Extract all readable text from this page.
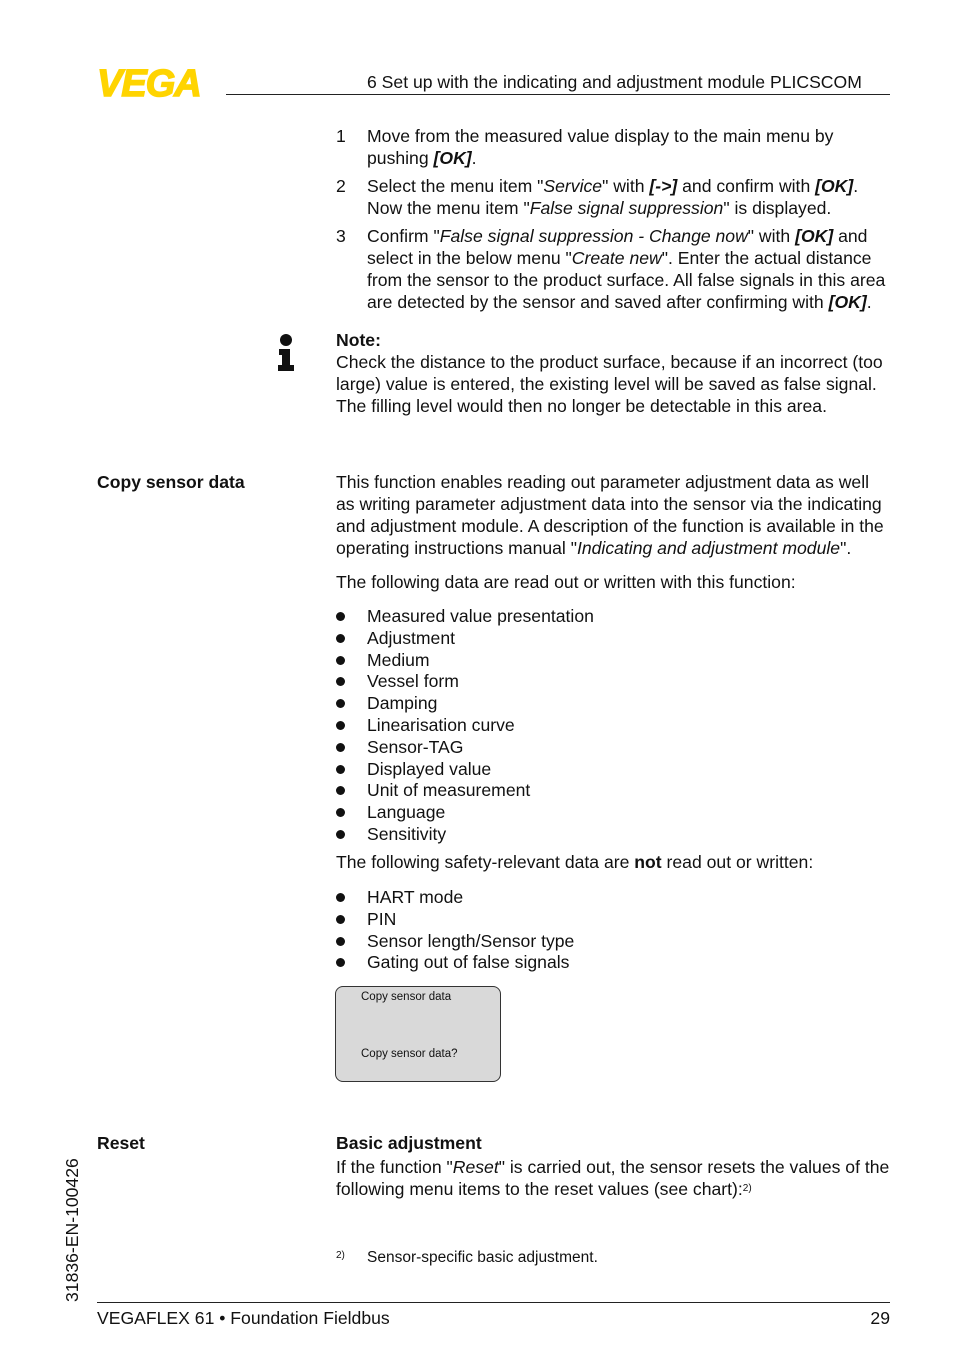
VEGA	6 Set up with the indicating and adjustment module PLICSCOM
1 Move from the measured value display to the main menu by pushing [OK].
2 Select the menu item "Service" with [->] and confirm with [OK]. Now the menu item "False signal suppression" is displayed.
3 Confirm "False signal suppression - Change now" with [OK] and select in the below menu "Create new". Enter the actual distance from the sensor to the product surface. All false signals in this area are detected by the sensor and saved after confirming with [OK].
Note:
Check the distance to the product surface, because if an incorrect (too large) value is entered, the existing level will be saved as false signal. The filling level would then no longer be detectable in this area.
Copy sensor data	This function enables reading out parameter adjustment data as well as writing parameter adjustment data into the sensor via the indicating and adjustment module. A description of the function is available in the operating instructions manual "Indicating and adjustment module".
The following data are read out or written with this function:
Measured value presentation
Adjustment
Medium
Vessel form
Damping
Linearisation curve
Sensor-TAG
Displayed value
Unit of measurement
Language
Sensitivity
The following safety-relevant data are not read out or written:
HART mode
PIN
Sensor length/Sensor type
Gating out of false signals
Copy sensor data
Copy sensor data?
Reset	Basic adjustment
If the function "Reset" is carried out, the sensor resets the values of the following menu items to the reset values (see chart):$^{2)}$
2) Sensor-specific basic adjustment.
31836-EN-100426
VEGAFLEX 61 • Foundation Fieldbus	29
